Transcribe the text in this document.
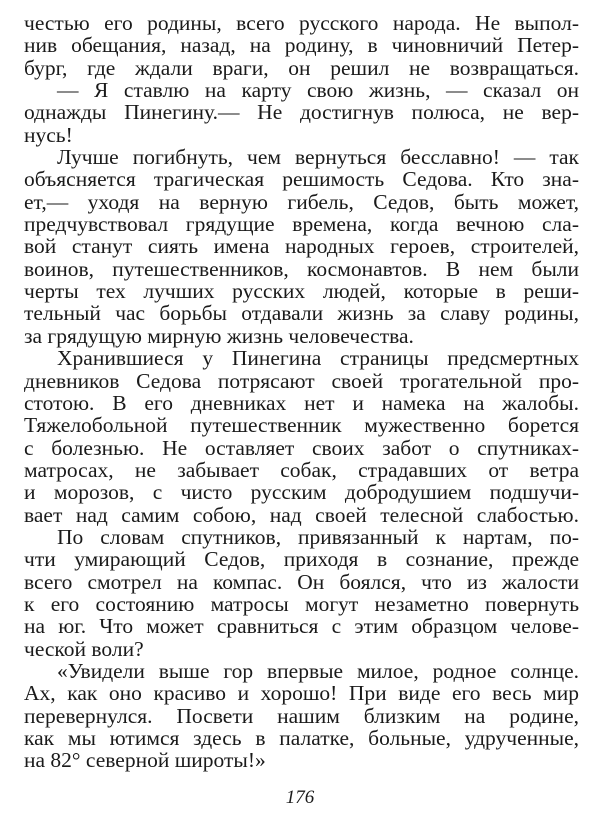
честью его родины, всего русского народа. Не выпол-
нив обещания, назад, на родину, в чиновничий Петер-
бург, где ждали враги, он решил не возвращаться.
— Я ставлю на карту свою жизнь, — сказал он
однажды Пинегину.— Не достигнув полюса, не вер-
нусь!
Лучше погибнуть, чем вернуться бесславно! — так
объясняется трагическая решимость Седова. Кто зна-
ет,— уходя на верную гибель, Седов, быть может,
предчувствовал грядущие времена, когда вечною сла-
вой станут сиять имена народных героев, строителей,
воинов, путешественников, космонавтов. В нем были
черты тех лучших русских людей, которые в реши-
тельный час борьбы отдавали жизнь за славу родины,
за грядущую мирную жизнь человечества.
Хранившиеся у Пинегина страницы предсмертных
дневников Седова потрясают своей трогательной про-
стотою. В его дневниках нет и намека на жалобы.
Тяжелобольной путешественник мужественно борется
с болезнью. Не оставляет своих забот о спутниках-
матросах, не забывает собак, страдавших от ветра
и морозов, с чисто русским добродушием подшучи-
вает над самим собою, над своей телесной слабостью.
По словам спутников, привязанный к нартам, по-
чти умирающий Седов, приходя в сознание, прежде
всего смотрел на компас. Он боялся, что из жалости
к его состоянию матросы могут незаметно повернуть
на юг. Что может сравниться с этим образцом челове-
ческой воли?
«Увидели выше гор впервые милое, родное солнце.
Ах, как оно красиво и хорошо! При виде его весь мир
перевернулся. Посвети нашим близким на родине,
как мы ютимся здесь в палатке, больные, удрученные,
на 82° северной широты!»
176
